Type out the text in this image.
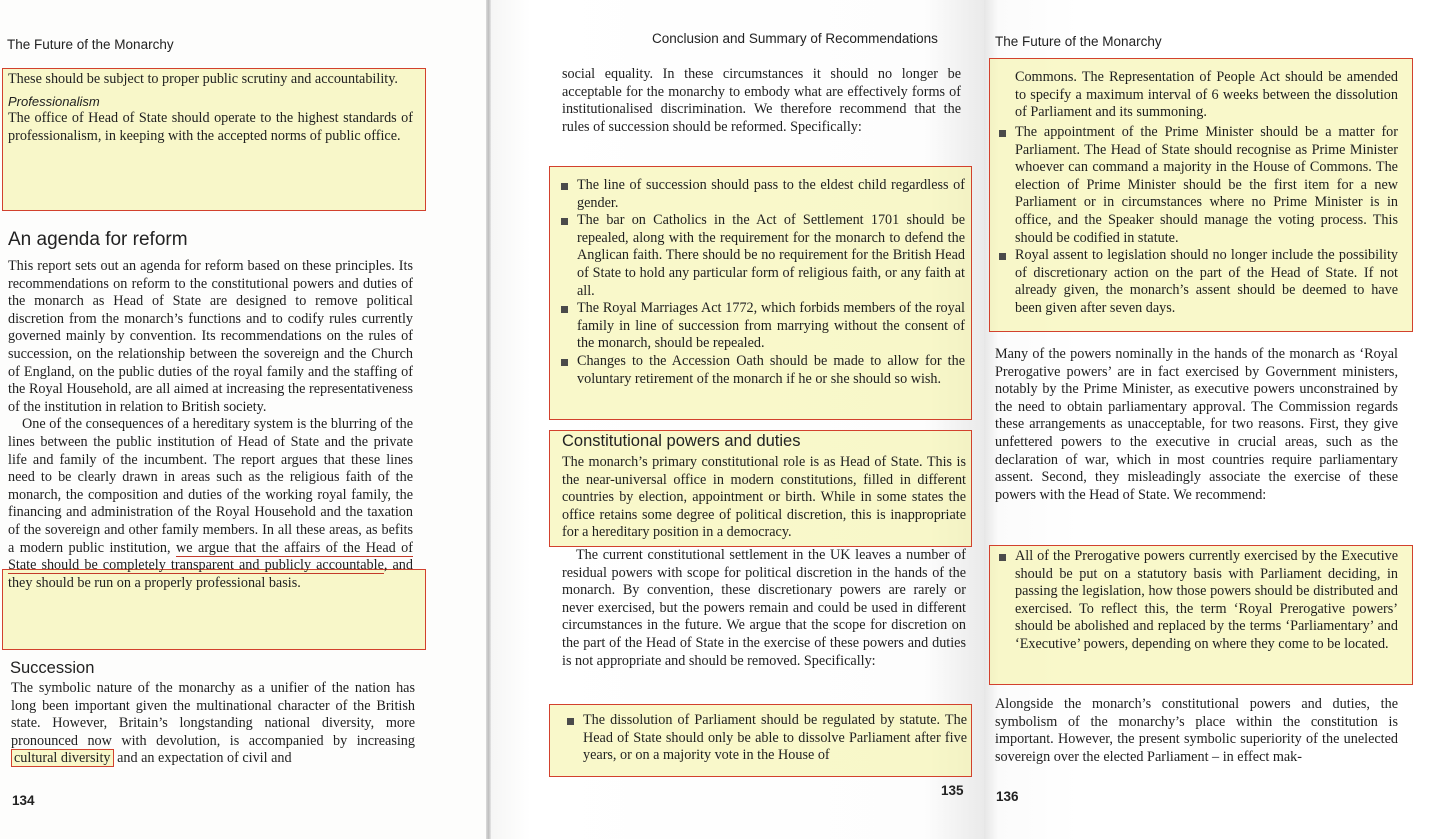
The Future of the Monarchy

These should be subject to proper public scrutiny and accountability.

Professionalism

The office of Head of State should operate to the highest standards of professionalism, in keeping with the accepted norms of public office.

An agenda for reform

This report sets out an agenda for reform based on these principles. Its recommendations on reform to the constitutional powers and duties of the monarch as Head of State are designed to remove political discretion from the monarch’s functions and to codify rules currently governed mainly by convention. Its recommendations on the rules of succession, on the relationship between the sovereign and the Church of England, on the public duties of the royal family and the staffing of the Royal Household, are all aimed at increasing the representativeness of the institution in relation to British society.

One of the consequences of a hereditary system is the blurring of the lines between the public institution of Head of State and the private life and family of the incumbent. The report argues that these lines need to be clearly drawn in areas such as the religious faith of the monarch, the composition and duties of the working royal family, the financing and administration of the Royal Household and the taxation of the sovereign and other family members. In all these areas, as befits a modern public institution, we argue that the affairs of the Head of State should be completely transparent and publicly accountable, and they should be run on a properly professional basis.

Succession

The symbolic nature of the monarchy as a unifier of the nation has long been important given the multinational character of the British state. However, Britain’s longstanding national diversity, more pronounced now with devolution, is accompanied by increasing cultural diversity and an expectation of civil and

134
Conclusion and Summary of Recommendations
social equality. In these circumstances it should no longer be acceptable for the monarchy to embody what are effectively forms of institutionalised discrimination. We therefore recommend that the rules of succession should be reformed. Specifically:
The line of succession should pass to the eldest child regardless of gender.
The bar on Catholics in the Act of Settlement 1701 should be repealed, along with the requirement for the monarch to defend the Anglican faith. There should be no requirement for the British Head of State to hold any particular form of religious faith, or any faith at all.
The Royal Marriages Act 1772, which forbids members of the royal family in line of succession from marrying without the consent of the monarch, should be repealed.
Changes to the Accession Oath should be made to allow for the voluntary retirement of the monarch if he or she should so wish.
Constitutional powers and duties
The monarch’s primary constitutional role is as Head of State. This is the near-universal office in modern constitutions, filled in different countries by election, appointment or birth. While in some states the office retains some degree of political discretion, this is inappropriate for a hereditary position in a democracy.
The current constitutional settlement in the UK leaves a number of residual powers with scope for political discretion in the hands of the monarch. By convention, these discretionary powers are rarely or never exercised, but the powers remain and could be used in different circumstances in the future. We argue that the scope for discretion on the part of the Head of State in the exercise of these powers and duties is not appropriate and should be removed. Specifically:
The dissolution of Parliament should be regulated by statute. The Head of State should only be able to dissolve Parliament after five years, or on a majority vote in the House of
135
The Future of the Monarchy
Commons. The Representation of People Act should be amended to specify a maximum interval of 6 weeks between the dissolution of Parliament and its summoning.
The appointment of the Prime Minister should be a matter for Parliament. The Head of State should recognise as Prime Minister whoever can command a majority in the House of Commons. The election of Prime Minister should be the first item for a new Parliament or in circumstances where no Prime Minister is in office, and the Speaker should manage the voting process. This should be codified in statute.
Royal assent to legislation should no longer include the possibility of discretionary action on the part of the Head of State. If not already given, the monarch’s assent should be deemed to have been given after seven days.
Many of the powers nominally in the hands of the monarch as ‘Royal Prerogative powers’ are in fact exercised by Government ministers, notably by the Prime Minister, as executive powers unconstrained by the need to obtain parliamentary approval. The Commission regards these arrangements as unacceptable, for two reasons. First, they give unfettered powers to the executive in crucial areas, such as the declaration of war, which in most countries require parliamentary assent. Second, they misleadingly associate the exercise of these powers with the Head of State. We recommend:
All of the Prerogative powers currently exercised by the Executive should be put on a statutory basis with Parliament deciding, in passing the legislation, how those powers should be distributed and exercised. To reflect this, the term ‘Royal Prerogative powers’ should be abolished and replaced by the terms ‘Parliamentary’ and ‘Executive’ powers, depending on where they come to be located.
Alongside the monarch’s constitutional powers and duties, the symbolism of the monarchy’s place within the constitution is important. However, the present symbolic superiority of the unelected sovereign over the elected Parliament – in effect mak-
136
